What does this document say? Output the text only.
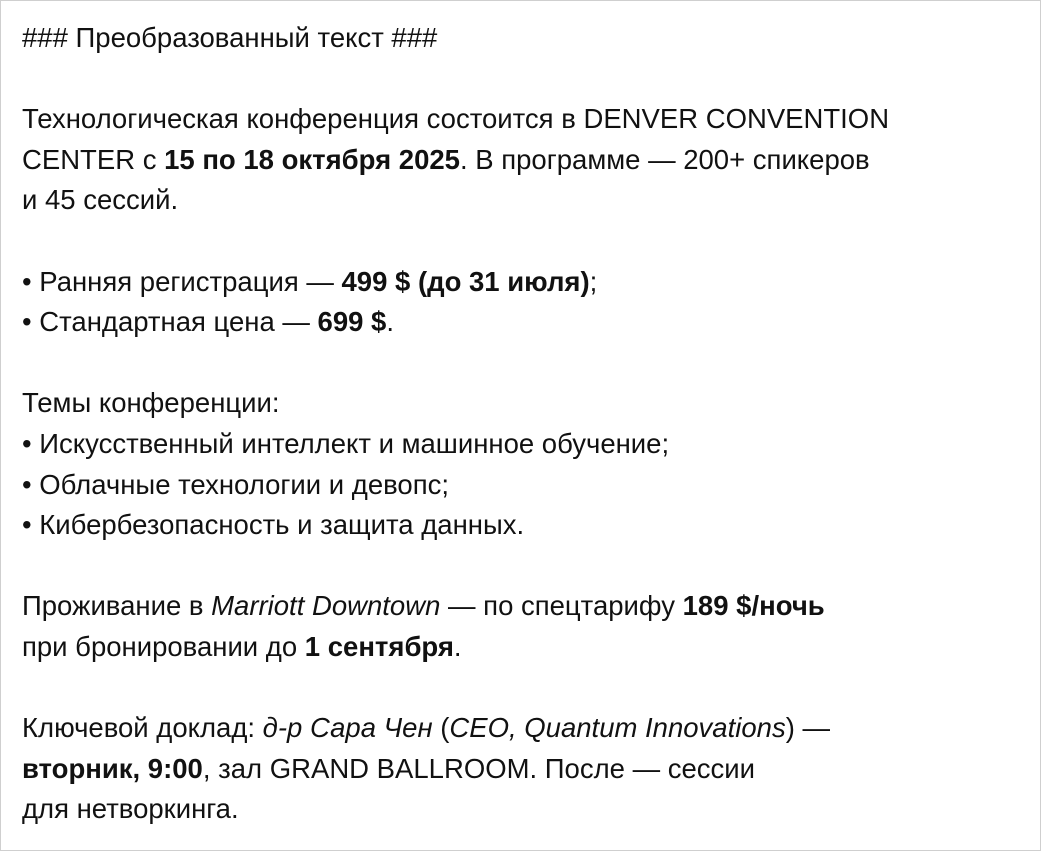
### Преобразованный текст ###
Технологическая конференция состоится в DENVER CONVENTION
CENTER с 15 по 18 октября 2025. В программе — 200+ спикеров
и 45 сессий.
• Ранняя регистрация — 499 $ (до 31 июля);
• Стандартная цена — 699 $.
Темы конференции:
• Искусственный интеллект и машинное обучение;
• Облачные технологии и девопс;
• Кибербезопасность и защита данных.
Проживание в Marriott Downtown — по спецтарифу 189 $/ночь
при бронировании до 1 сентября.
Ключевой доклад: д-р Сара Чен (CEO, Quantum Innovations) —
вторник, 9:00, зал GRAND BALLROOM. После — сессии
для нетворкинга.
